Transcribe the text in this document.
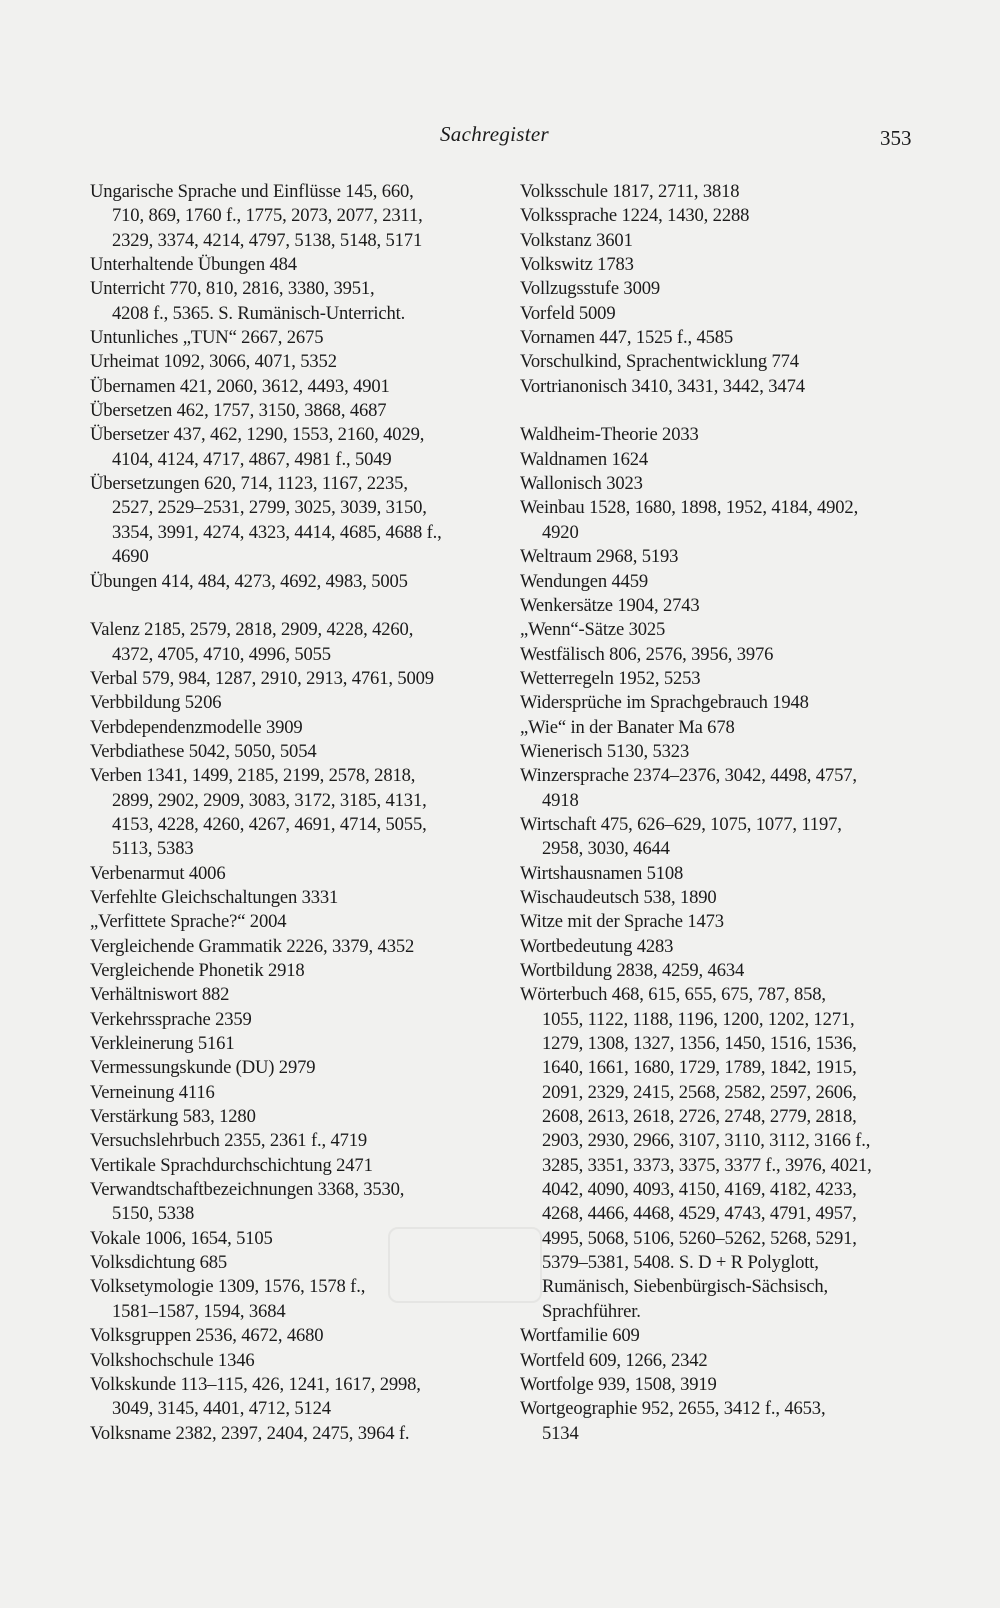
Sachregister	353

Ungarische Sprache und Einflüsse 145, 660,
710, 869, 1760 f., 1775, 2073, 2077, 2311,
2329, 3374, 4214, 4797, 5138, 5148, 5171

Unterhaltende Übungen 484

Unterricht 770, 810, 2816, 3380, 3951,
4208 f., 5365. S. Rumänisch-Unterricht.

Untunliches „TUN“ 2667, 2675

Urheimat 1092, 3066, 4071, 5352

Übernamen 421, 2060, 3612, 4493, 4901

Übersetzen 462, 1757, 3150, 3868, 4687

Übersetzer 437, 462, 1290, 1553, 2160, 4029,
4104, 4124, 4717, 4867, 4981 f., 5049

Übersetzungen 620, 714, 1123, 1167, 2235,
2527, 2529–2531, 2799, 3025, 3039, 3150,
3354, 3991, 4274, 4323, 4414, 4685, 4688 f.,
4690

Übungen 414, 484, 4273, 4692, 4983, 5005

Valenz 2185, 2579, 2818, 2909, 4228, 4260,
4372, 4705, 4710, 4996, 5055

Verbal 579, 984, 1287, 2910, 2913, 4761, 5009

Verbbildung 5206

Verbdependenzmodelle 3909

Verbdiathese 5042, 5050, 5054

Verben 1341, 1499, 2185, 2199, 2578, 2818,
2899, 2902, 2909, 3083, 3172, 3185, 4131,
4153, 4228, 4260, 4267, 4691, 4714, 5055,
5113, 5383

Verbenarmut 4006

Verfehlte Gleichschaltungen 3331

„Verfittete Sprache?“ 2004

Vergleichende Grammatik 2226, 3379, 4352

Vergleichende Phonetik 2918

Verhältniswort 882

Verkehrssprache 2359

Verkleinerung 5161

Vermessungskunde (DU) 2979

Verneinung 4116

Verstärkung 583, 1280

Versuchslehrbuch 2355, 2361 f., 4719

Vertikale Sprachdurchschichtung 2471

Verwandtschaftbezeichnungen 3368, 3530,
5150, 5338

Vokale 1006, 1654, 5105

Volksdichtung 685

Volksetymologie 1309, 1576, 1578 f.,
1581–1587, 1594, 3684

Volksgruppen 2536, 4672, 4680

Volkshochschule 1346

Volkskunde 113–115, 426, 1241, 1617, 2998,
3049, 3145, 4401, 4712, 5124

Volksname 2382, 2397, 2404, 2475, 3964 f.

Volksschule 1817, 2711, 3818

Volkssprache 1224, 1430, 2288

Volkstanz 3601

Volkswitz 1783

Vollzugsstufe 3009

Vorfeld 5009

Vornamen 447, 1525 f., 4585

Vorschulkind, Sprachentwicklung 774

Vortrianonisch 3410, 3431, 3442, 3474

Waldheim-Theorie 2033

Waldnamen 1624

Wallonisch 3023

Weinbau 1528, 1680, 1898, 1952, 4184, 4902,
4920

Weltraum 2968, 5193

Wendungen 4459

Wenkersätze 1904, 2743

„Wenn“-Sätze 3025

Westfälisch 806, 2576, 3956, 3976

Wetterregeln 1952, 5253

Widersprüche im Sprachgebrauch 1948

„Wie“ in der Banater Ma 678

Wienerisch 5130, 5323

Winzersprache 2374–2376, 3042, 4498, 4757,
4918

Wirtschaft 475, 626–629, 1075, 1077, 1197,
2958, 3030, 4644

Wirtshausnamen 5108

Wischaudeutsch 538, 1890

Witze mit der Sprache 1473

Wortbedeutung 4283

Wortbildung 2838, 4259, 4634

Wörterbuch 468, 615, 655, 675, 787, 858,
1055, 1122, 1188, 1196, 1200, 1202, 1271,
1279, 1308, 1327, 1356, 1450, 1516, 1536,
1640, 1661, 1680, 1729, 1789, 1842, 1915,
2091, 2329, 2415, 2568, 2582, 2597, 2606,
2608, 2613, 2618, 2726, 2748, 2779, 2818,
2903, 2930, 2966, 3107, 3110, 3112, 3166 f.,
3285, 3351, 3373, 3375, 3377 f., 3976, 4021,
4042, 4090, 4093, 4150, 4169, 4182, 4233,
4268, 4466, 4468, 4529, 4743, 4791, 4957,
4995, 5068, 5106, 5260–5262, 5268, 5291,
5379–5381, 5408. S. D + R Polyglott,
Rumänisch, Siebenbürgisch-Sächsisch,
Sprachführer.

Wortfamilie 609

Wortfeld 609, 1266, 2342

Wortfolge 939, 1508, 3919

Wortgeographie 952, 2655, 3412 f., 4653,
5134
